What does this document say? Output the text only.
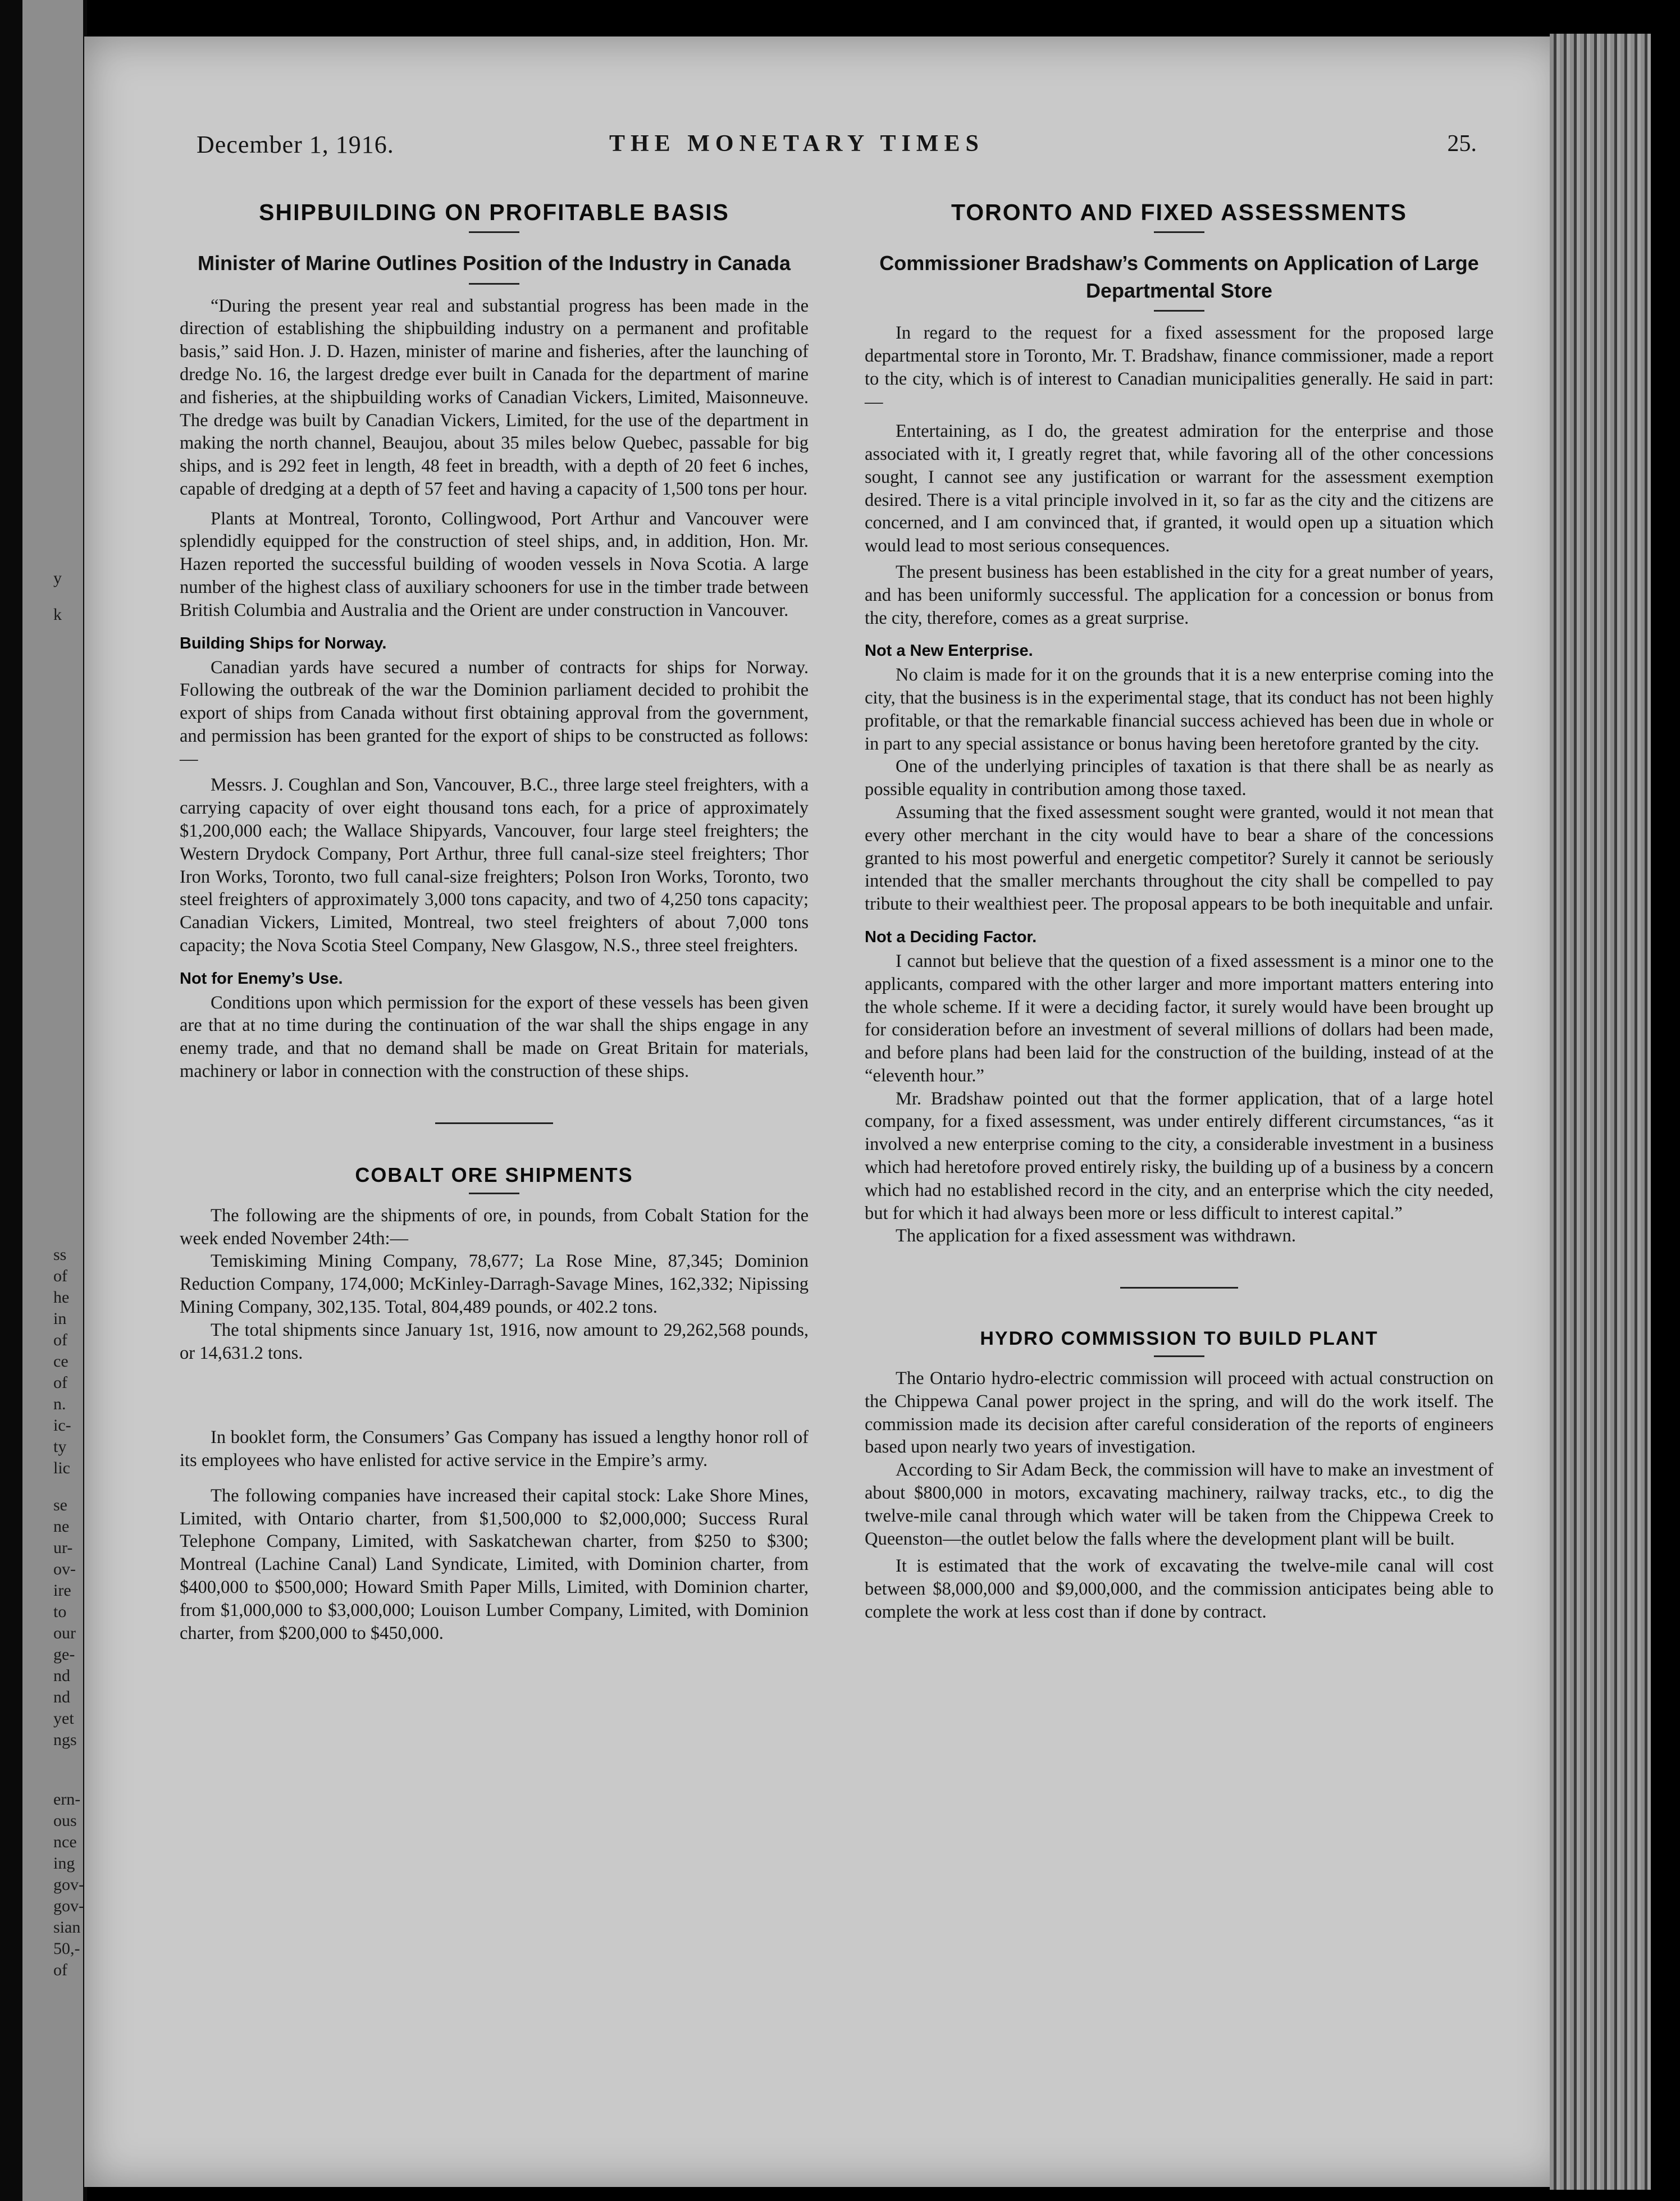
y
k
ss
of
he
in
of
ce
of
n.
ic-
ty
lic
se
ne
ur-
ov-
ire
to
our
ge-
nd
nd
yet
ngs
ern-
ous
nce
ing
gov-
gov-
sian
50,-
of
December 1, 1916.	THE MONETARY TIMES	25.
SHIPBUILDING ON PROFITABLE BASIS
Minister of Marine Outlines Position of the Industry in Canada

“During the present year real and substantial progress has been made in the direction of establishing the shipbuilding industry on a permanent and profitable basis,” said Hon. J. D. Hazen, minister of marine and fisheries, after the launching of dredge No. 16, the largest dredge ever built in Canada for the department of marine and fisheries, at the shipbuilding works of Canadian Vickers, Limited, Maisonneuve. The dredge was built by Canadian Vickers, Limited, for the use of the department in making the north channel, Beaujou, about 35 miles below Quebec, passable for big ships, and is 292 feet in length, 48 feet in breadth, with a depth of 20 feet 6 inches, capable of dredging at a depth of 57 feet and having a capacity of 1,500 tons per hour.

Plants at Montreal, Toronto, Collingwood, Port Arthur and Vancouver were splendidly equipped for the construction of steel ships, and, in addition, Hon. Mr. Hazen reported the successful building of wooden vessels in Nova Scotia. A large number of the highest class of auxiliary schooners for use in the timber trade between British Columbia and Australia and the Orient are under construction in Vancouver.

Building Ships for Norway.

Canadian yards have secured a number of contracts for ships for Norway. Following the outbreak of the war the Dominion parliament decided to prohibit the export of ships from Canada without first obtaining approval from the government, and permission has been granted for the export of ships to be constructed as follows:—

Messrs. J. Coughlan and Son, Vancouver, B.C., three large steel freighters, with a carrying capacity of over eight thousand tons each, for a price of approximately $1,200,000 each; the Wallace Shipyards, Vancouver, four large steel freighters; the Western Drydock Company, Port Arthur, three full canal-size steel freighters; Thor Iron Works, Toronto, two full canal-size freighters; Polson Iron Works, Toronto, two steel freighters of approximately 3,000 tons capacity, and two of 4,250 tons capacity; Canadian Vickers, Limited, Montreal, two steel freighters of about 7,000 tons capacity; the Nova Scotia Steel Company, New Glasgow, N.S., three steel freighters.

Not for Enemy’s Use.

Conditions upon which permission for the export of these vessels has been given are that at no time during the continuation of the war shall the ships engage in any enemy trade, and that no demand shall be made on Great Britain for materials, machinery or labor in connection with the construction of these ships.

COBALT ORE SHIPMENTS

The following are the shipments of ore, in pounds, from Cobalt Station for the week ended November 24th:—

Temiskiming Mining Company, 78,677; La Rose Mine, 87,345; Dominion Reduction Company, 174,000; McKinley-Darragh-Savage Mines, 162,332; Nipissing Mining Company, 302,135. Total, 804,489 pounds, or 402.2 tons.

The total shipments since January 1st, 1916, now amount to 29,262,568 pounds, or 14,631.2 tons.

In booklet form, the Consumers’ Gas Company has issued a lengthy honor roll of its employees who have enlisted for active service in the Empire’s army.

The following companies have increased their capital stock: Lake Shore Mines, Limited, with Ontario charter, from $1,500,000 to $2,000,000; Success Rural Telephone Company, Limited, with Saskatchewan charter, from $250 to $300; Montreal (Lachine Canal) Land Syndicate, Limited, with Dominion charter, from $400,000 to $500,000; Howard Smith Paper Mills, Limited, with Dominion charter, from $1,000,000 to $3,000,000; Louison Lumber Company, Limited, with Dominion charter, from $200,000 to $450,000.

TORONTO AND FIXED ASSESSMENTS
Commissioner Bradshaw’s Comments on Application of Large Departmental Store

In regard to the request for a fixed assessment for the proposed large departmental store in Toronto, Mr. T. Bradshaw, finance commissioner, made a report to the city, which is of interest to Canadian municipalities generally. He said in part:—

Entertaining, as I do, the greatest admiration for the enterprise and those associated with it, I greatly regret that, while favoring all of the other concessions sought, I cannot see any justification or warrant for the assessment exemption desired. There is a vital principle involved in it, so far as the city and the citizens are concerned, and I am convinced that, if granted, it would open up a situation which would lead to most serious consequences.

The present business has been established in the city for a great number of years, and has been uniformly successful. The application for a concession or bonus from the city, therefore, comes as a great surprise.

Not a New Enterprise.

No claim is made for it on the grounds that it is a new enterprise coming into the city, that the business is in the experimental stage, that its conduct has not been highly profitable, or that the remarkable financial success achieved has been due in whole or in part to any special assistance or bonus having been heretofore granted by the city.

One of the underlying principles of taxation is that there shall be as nearly as possible equality in contribution among those taxed.

Assuming that the fixed assessment sought were granted, would it not mean that every other merchant in the city would have to bear a share of the concessions granted to his most powerful and energetic competitor? Surely it cannot be seriously intended that the smaller merchants throughout the city shall be compelled to pay tribute to their wealthiest peer. The proposal appears to be both inequitable and unfair.

Not a Deciding Factor.

I cannot but believe that the question of a fixed assessment is a minor one to the applicants, compared with the other larger and more important matters entering into the whole scheme. If it were a deciding factor, it surely would have been brought up for consideration before an investment of several millions of dollars had been made, and before plans had been laid for the construction of the building, instead of at the “eleventh hour.”

Mr. Bradshaw pointed out that the former application, that of a large hotel company, for a fixed assessment, was under entirely different circumstances, “as it involved a new enterprise coming to the city, a considerable investment in a business which had heretofore proved entirely risky, the building up of a business by a concern which had no established record in the city, and an enterprise which the city needed, but for which it had always been more or less difficult to interest capital.”

The application for a fixed assessment was withdrawn.

HYDRO COMMISSION TO BUILD PLANT

The Ontario hydro-electric commission will proceed with actual construction on the Chippewa Canal power project in the spring, and will do the work itself. The commission made its decision after careful consideration of the reports of engineers based upon nearly two years of investigation.

According to Sir Adam Beck, the commission will have to make an investment of about $800,000 in motors, excavating machinery, railway tracks, etc., to dig the twelve-mile canal through which water will be taken from the Chippewa Creek to Queenston—the outlet below the falls where the development plant will be built.

It is estimated that the work of excavating the twelve-mile canal will cost between $8,000,000 and $9,000,000, and the commission anticipates being able to complete the work at less cost than if done by contract.
